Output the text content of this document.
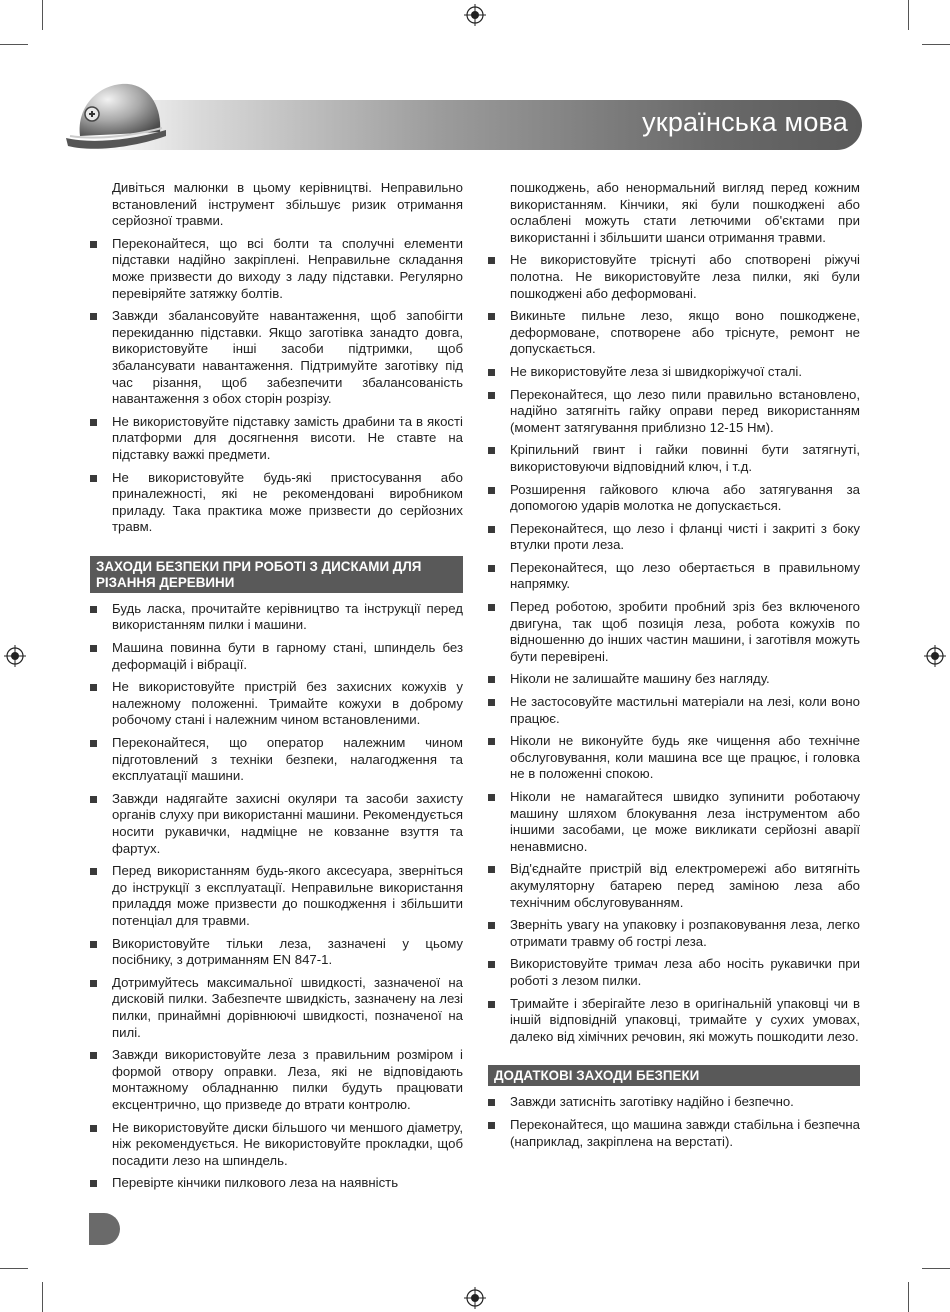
українська мова

Дивіться малюнки в цьому керівництві. Неправильно встановлений інструмент збільшує ризик отримання серйозної травми.

Переконайтеся, що всі болти та сполучні елементи підставки надійно закріплені. Неправильне складання може призвести до виходу з ладу підставки. Регулярно перевіряйте затяжку болтів.
Завжди збалансовуйте навантаження, щоб запобігти перекиданню підставки. Якщо заготівка занадто довга, використовуйте інші засоби підтримки, щоб збалансувати навантаження. Підтримуйте заготівку під час різання, щоб забезпечити збалансованість навантаження з обох сторін розрізу.
Не використовуйте підставку замість драбини та в якості платформи для досягнення висоти. Не ставте на підставку важкі предмети.
Не використовуйте будь-які пристосування або приналежності, які не рекомендовані виробником приладу. Така практика може призвести до серйозних травм.
ЗАХОДИ БЕЗПЕКИ ПРИ РОБОТІ З ДИСКАМИ ДЛЯ РІЗАННЯ ДЕРЕВИНИ
Будь ласка, прочитайте керівництво та інструкції перед використанням пилки і машини.
Машина повинна бути в гарному стані, шпиндель без деформацій і вібрації.
Не використовуйте пристрій без захисних кожухів у належному положенні. Тримайте кожухи в доброму робочому стані і належним чином встановленими.
Переконайтеся, що оператор належним чином підготовлений з техніки безпеки, налагодження та експлуатації машини.
Завжди надягайте захисні окуляри та засоби захисту органів слуху при використанні машини. Рекомендується носити рукавички, надміцне не ковзанне взуття та фартух.
Перед використанням будь-якого аксесуара, зверніться до інструкції з експлуатації. Неправильне використання приладдя може призвести до пошкодження і збільшити потенціал для травми.
Використовуйте тільки леза, зазначені у цьому посібнику, з дотриманням EN 847-1.
Дотримуйтесь максимальної швидкості, зазначеної на дисковій пилки. Забезпечте швидкість, зазначену на лезі пилки, принаймні дорівнюючі швидкості, позначеної на пилі.
Завжди використовуйте леза з правильним розміром і формой отвору оправки. Леза, які не відповідають монтажному обладнанню пилки будуть працювати ексцентрично, що призведе до втрати контролю.
Не використовуйте диски більшого чи меншого діаметру, ніж рекомендується. Не використовуйте прокладки, щоб посадити лезо на шпиндель.
Перевірте кінчики пилкового леза на наявність

пошкоджень, або ненормальний вигляд перед кожним використанням. Кінчики, які були пошкоджені або ослаблені можуть стати летючими об'єктами при використанні і збільшити шанси отримання травми.

Не використовуйте тріснуті або спотворені ріжучі полотна. Не використовуйте леза пилки, які були пошкоджені або деформовані.
Викиньте пильне лезо, якщо воно пошкоджене, деформоване, спотворене або тріснуте, ремонт не допускається.
Не використовуйте леза зі швидкоріжучої сталі.
Переконайтеся, що лезо пили правильно встановлено, надійно затягніть гайку оправи перед використанням (момент затягування приблизно 12-15 Нм).
Кріпильний гвинт і гайки повинні бути затягнуті, використовуючи відповідний ключ, і т.д.
Розширення гайкового ключа або затягування за допомогою ударів молотка не допускається.
Переконайтеся, що лезо і фланці чисті і закриті з боку втулки проти леза.
Переконайтеся, що лезо обертається в правильному напрямку.
Перед роботою, зробити пробний зріз без включеного двигуна, так щоб позиція леза, робота кожухів по відношенню до інших частин машини, і заготівля можуть бути перевірені.
Ніколи не залишайте машину без нагляду.
Не застосовуйте мастильні матеріали на лезі, коли воно працює.
Ніколи не виконуйте будь яке чищення або технічне обслуговування, коли машина все ще працює, і головка не в положенні спокою.
Ніколи не намагайтеся швидко зупинити роботаючу машину шляхом блокування леза інструментом або іншими засобами, це може викликати серйозні аварії ненавмисно.
Від'єднайте пристрій від електромережі або витягніть акумуляторну батарею перед заміною леза або технічним обслуговуванням.
Зверніть увагу на упаковку і розпаковування леза, легко отримати травму об гострі леза.
Використовуйте тримач леза або носіть рукавички при роботі з лезом пилки.
Тримайте і зберігайте лезо в оригінальній упаковці чи в іншій відповідній упаковці, тримайте у сухих умовах, далеко від хімічних речовин, які можуть пошкодити лезо.
ДОДАТКОВІ ЗАХОДИ БЕЗПЕКИ
Завжди затисніть заготівку надійно і безпечно.
Переконайтеся, що машина завжди стабільна і безпечна (наприклад, закріплена на верстаті).
